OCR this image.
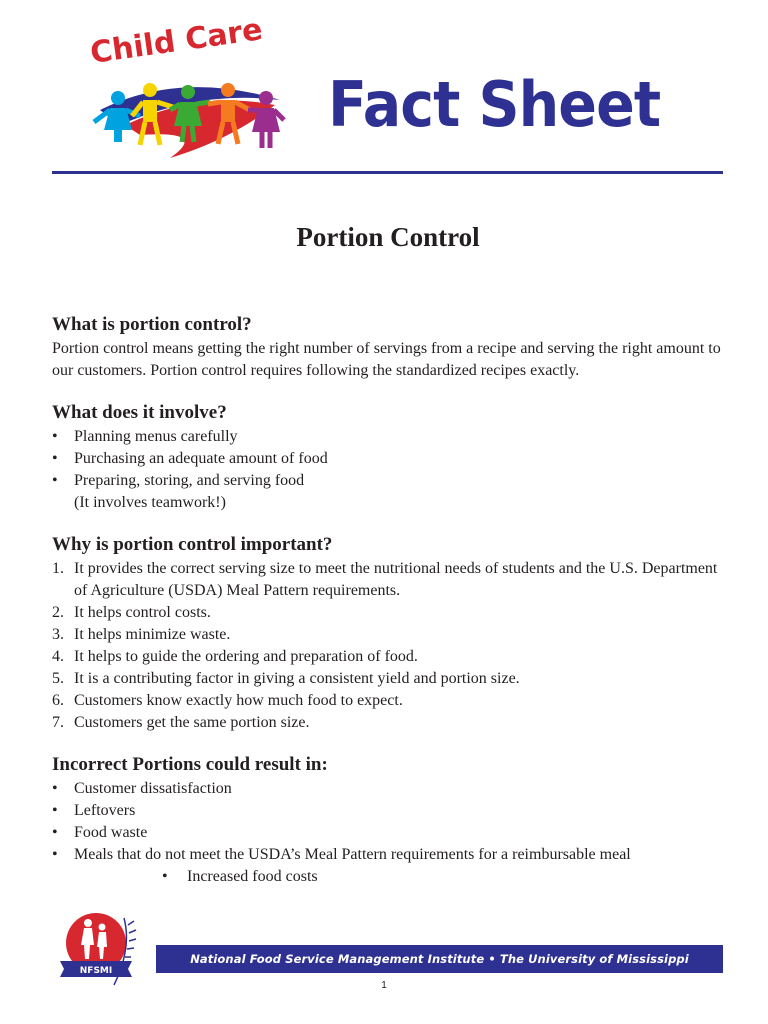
Child Care
Fact Sheet
Portion Control
What is portion control?

Portion control means getting the right number of servings from a recipe and serving the right amount to our customers. Portion control requires following the standardized recipes exactly.

What does it involve?
• Planning menus carefully
• Purchasing an adequate amount of food
• Preparing, storing, and serving food
(It involves teamwork!)
Why is portion control important?
1. It provides the correct serving size to meet the nutritional needs of students and the U.S. Department of Agriculture (USDA) Meal Pattern requirements.
2. It helps control costs.
3. It helps minimize waste.
4. It helps to guide the ordering and preparation of food.
5. It is a contributing factor in giving a consistent yield and portion size.
6. Customers know exactly how much food to expect.
7. Customers get the same portion size.
Incorrect Portions could result in:
• Customer dissatisfaction
• Leftovers
• Food waste
• Meals that do not meet the USDA’s Meal Pattern requirements for a reimbursable meal
• Increased food costs
NFSMI
National Food Service Management Institute • The University of Mississippi
1
